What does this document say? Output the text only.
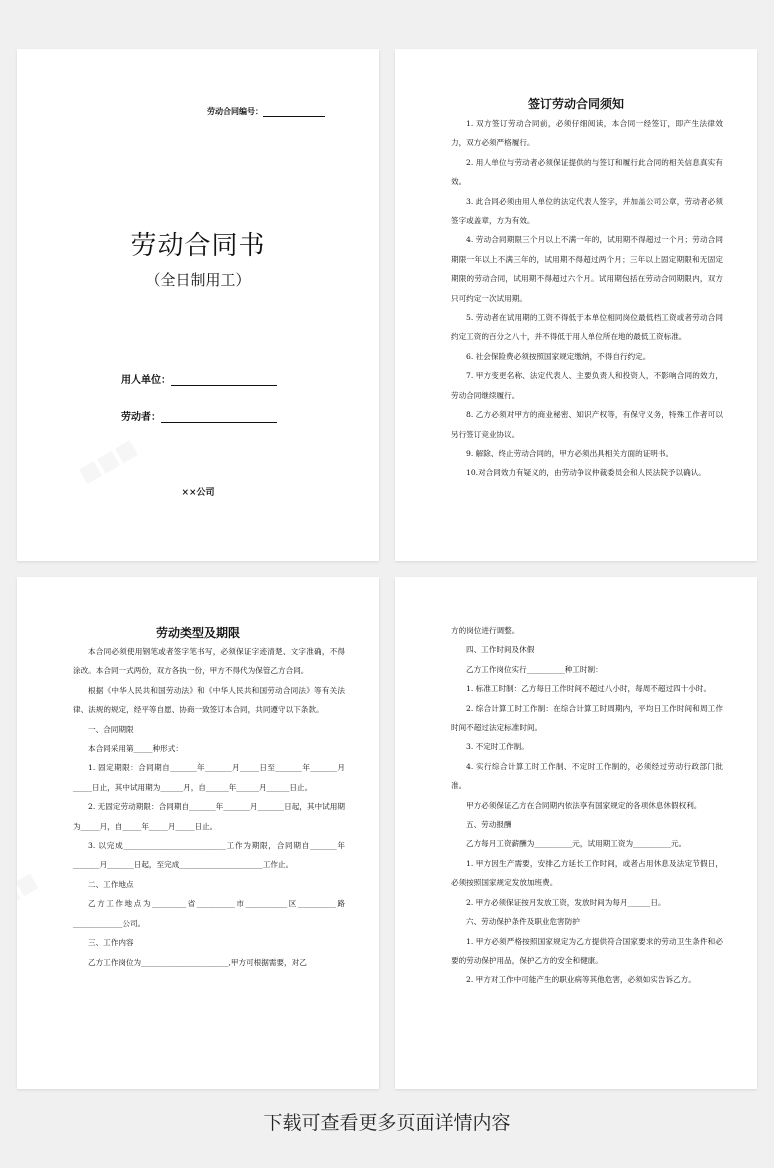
劳动合同编号：
劳动合同书
（全日制用工）
用人单位：
劳动者：
××公司
签订劳动合同须知

1. 双方签订劳动合同前，必须仔细阅读，本合同一经签订，即产生法律效力，双方必须严格履行。

2. 用人单位与劳动者必须保证提供的与签订和履行此合同的相关信息真实有效。

3. 此合同必须由用人单位的法定代表人签字，并加盖公司公章，劳动者必须签字或盖章，方为有效。

4. 劳动合同期限三个月以上不满一年的，试用期不得超过一个月；劳动合同期限一年以上不满三年的，试用期不得超过两个月；三年以上固定期限和无固定期限的劳动合同，试用期不得超过六个月。试用期包括在劳动合同期限内，双方只可约定一次试用期。

5. 劳动者在试用期的工资不得低于本单位相同岗位最低档工资或者劳动合同约定工资的百分之八十，并不得低于用人单位所在地的最低工资标准。

6. 社会保险费必须按照国家规定缴纳，不得自行约定。

7. 甲方变更名称、法定代表人、主要负责人和投资人，不影响合同的效力，劳动合同继续履行。

8. 乙方必须对甲方的商业秘密、知识产权等，有保守义务，特殊工作者可以另行签订竞业协议。

9. 解除、终止劳动合同的，甲方必须出具相关方面的证明书。

10.对合同效力有疑义的，由劳动争议仲裁委员会和人民法院予以确认。

劳动类型及期限

本合同必须使用钢笔或者签字笔书写，必须保证字迹清楚、文字准确，不得涂改。本合同一式两份，双方各执一份，甲方不得代为保管乙方合同。

根据《中华人民共和国劳动法》和《中华人民共和国劳动合同法》等有关法律、法规的规定，经平等自愿、协商一致签订本合同，共同遵守以下条款。

一、合同期限

本合同采用第_____种形式：

1. 固定期限：合同期自_______年_______月_____日至_______年_______月_____日止，其中试用期为______月，自______年______月______日止。

2. 无固定劳动期限：合同期自_______年_______月_______日起，其中试用期为_____月，自_____年_____月_____日止。

3. 以完成___________________________工作为期限，合同期自_______年_______月_______日起，至完成______________________工作止。

二、工作地点

乙方工作地点为_________省__________市___________区__________路_____________公司。

三、工作内容

乙方工作岗位为_______________________,甲方可根据需要，对乙

方的岗位进行调整。

四、工作时间及休假

乙方工作岗位实行__________种工时制：

1. 标准工时制：乙方每日工作时间不超过八小时，每周不超过四十小时。

2. 综合计算工时工作制：在综合计算工时周期内，平均日工作时间和周工作时间不超过法定标准时间。

3. 不定时工作制。

4. 实行综合计算工时工作制、不定时工作制的，必须经过劳动行政部门批准。

甲方必须保证乙方在合同期内依法享有国家规定的各项休息休假权利。

五、劳动报酬

乙方每月工资薪酬为__________元，试用期工资为__________元。

1. 甲方因生产需要，安排乙方延长工作时间，或者占用休息及法定节假日，必须按照国家规定发放加班费。

2. 甲方必须保证按月发放工资，发放时间为每月______日。

六、劳动保护条件及职业危害防护

1. 甲方必须严格按照国家规定为乙方提供符合国家要求的劳动卫生条件和必要的劳动保护用品，保护乙方的安全和健康。

2. 甲方对工作中可能产生的职业病等其他危害，必须如实告诉乙方。

下载可查看更多页面详情内容
